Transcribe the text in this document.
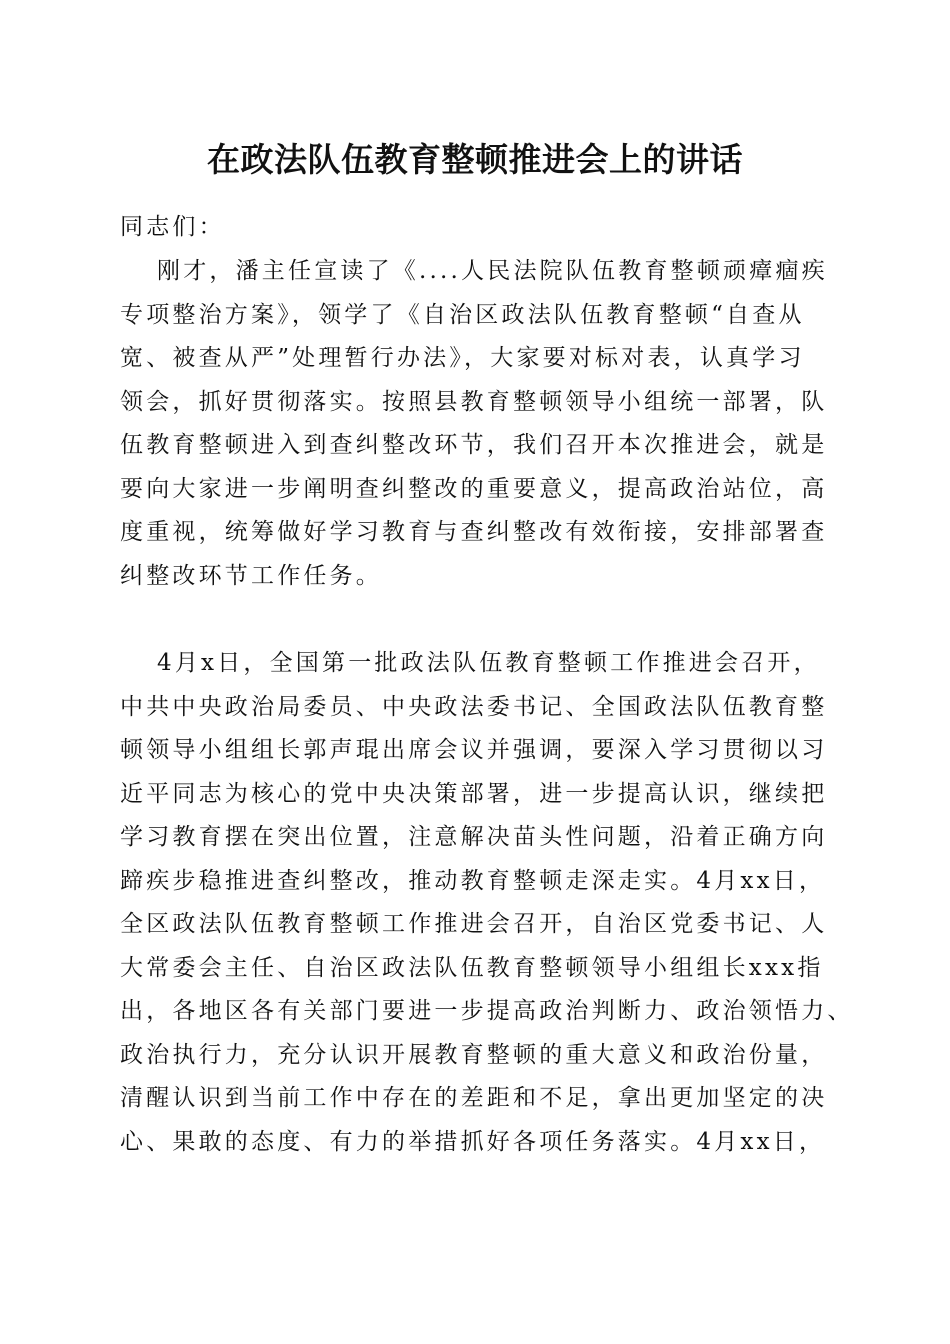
在政法队伍教育整顿推进会上的讲话

同志们：

刚才，潘主任宣读了《....人民法院队伍教育整顿顽瘴痼疾
专项整治方案》，领学了《自治区政法队伍教育整顿“自查从
宽、被查从严”处理暂行办法》，大家要对标对表，认真学习
领会，抓好贯彻落实。按照县教育整顿领导小组统一部署，队
伍教育整顿进入到查纠整改环节，我们召开本次推进会，就是
要向大家进一步阐明查纠整改的重要意义，提高政治站位，高
度重视，统筹做好学习教育与查纠整改有效衔接，安排部署查
纠整改环节工作任务。
4月x日，全国第一批政法队伍教育整顿工作推进会召开，
中共中央政治局委员、中央政法委书记、全国政法队伍教育整
顿领导小组组长郭声琨出席会议并强调，要深入学习贯彻以习
近平同志为核心的党中央决策部署，进一步提高认识，继续把
学习教育摆在突出位置，注意解决苗头性问题，沿着正确方向
蹄疾步稳推进查纠整改，推动教育整顿走深走实。4月xx日，
全区政法队伍教育整顿工作推进会召开，自治区党委书记、人
大常委会主任、自治区政法队伍教育整顿领导小组组长xxx指
出，各地区各有关部门要进一步提高政治判断力、政治领悟力、
政治执行力，充分认识开展教育整顿的重大意义和政治份量，
清醒认识到当前工作中存在的差距和不足，拿出更加坚定的决
心、果敢的态度、有力的举措抓好各项任务落实。4月xx日，
